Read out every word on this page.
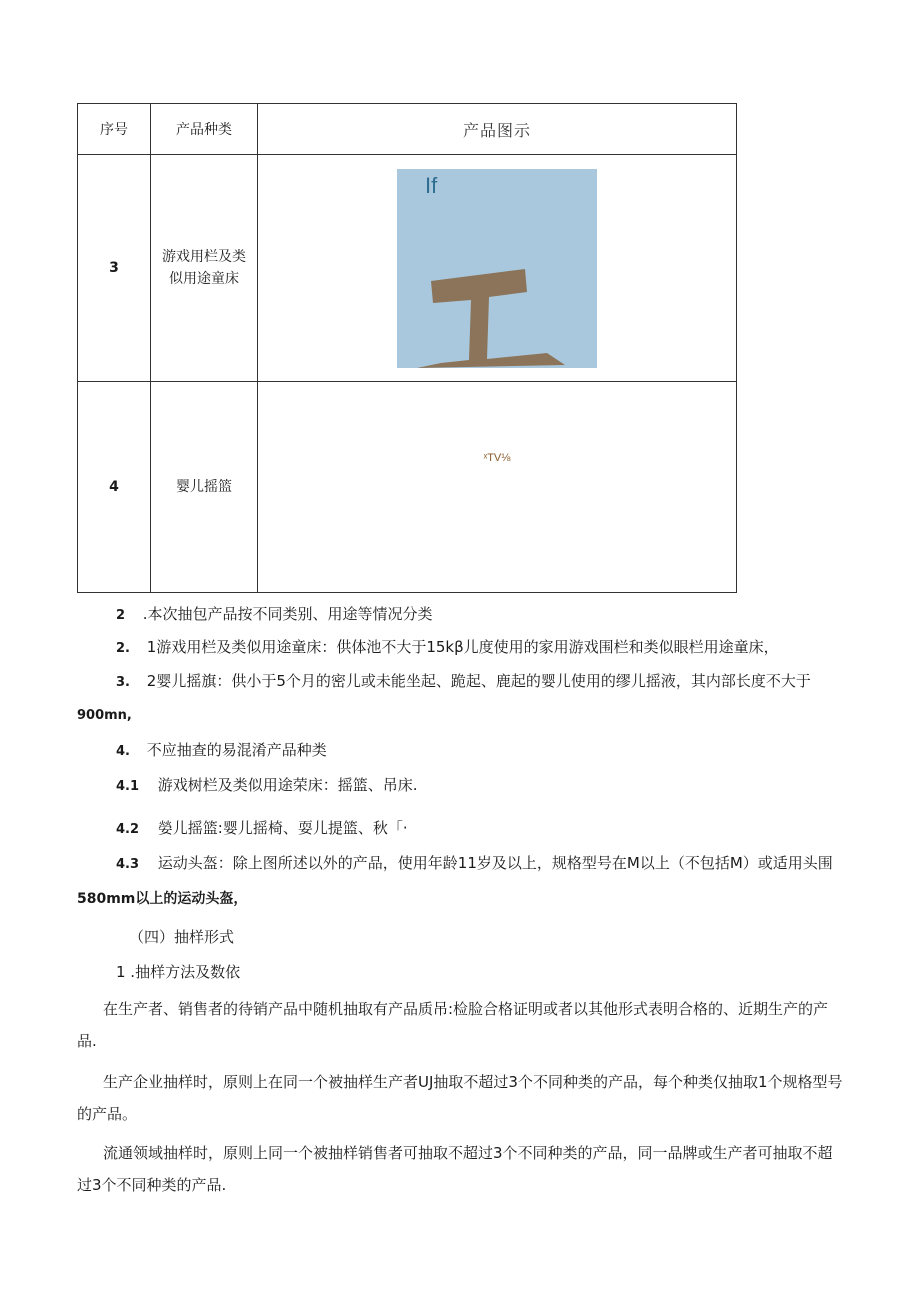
序号	产品种类	产品图示
3	游戏用栏及类似用途童床	If

4	婴儿摇篮	$^{ˣTV\frac{1}{8}}$
2 .本次抽包产品按不同类别、用途等情况分类
2. 1游戏用栏及类似用途童床：供体池不大于15kβ儿度使用的家用游戏围栏和类似眼栏用途童床，
3. 2婴儿摇旗：供小于5个月的密儿或未能坐起、跪起、鹿起的婴儿使用的缪儿摇液，其内部长度不大于
900mn,
4. 不应抽查的易混淆产品种类
4.1 游戏树栏及类似用途荣床：摇篮、吊床.
4.2 嫈儿摇篮:婴儿摇椅、耍儿提篮、秋「·
4.3 运动头盔：除上图所述以外的产品，使用年龄11岁及以上，规格型号在M以上（不包括M）或适用头围
580mm以上的运动头盔，
（四）抽样形式
1 .抽样方法及数依
在生产者、销售者的待销产品中随机抽取有产品质吊:检脸合格证明或者以其他形式表明合格的、近期生产的产品.
生产企业抽样时，原则上在同一个被抽样生产者UJ抽取不超过3个不同种类的产品，每个种类仅抽取1个规格型号的产品。
流通领域抽样时，原则上同一个被抽样销售者可抽取不超过3个不同种类的产品，同一品牌或生产者可抽取不超过3个不同种类的产品.
